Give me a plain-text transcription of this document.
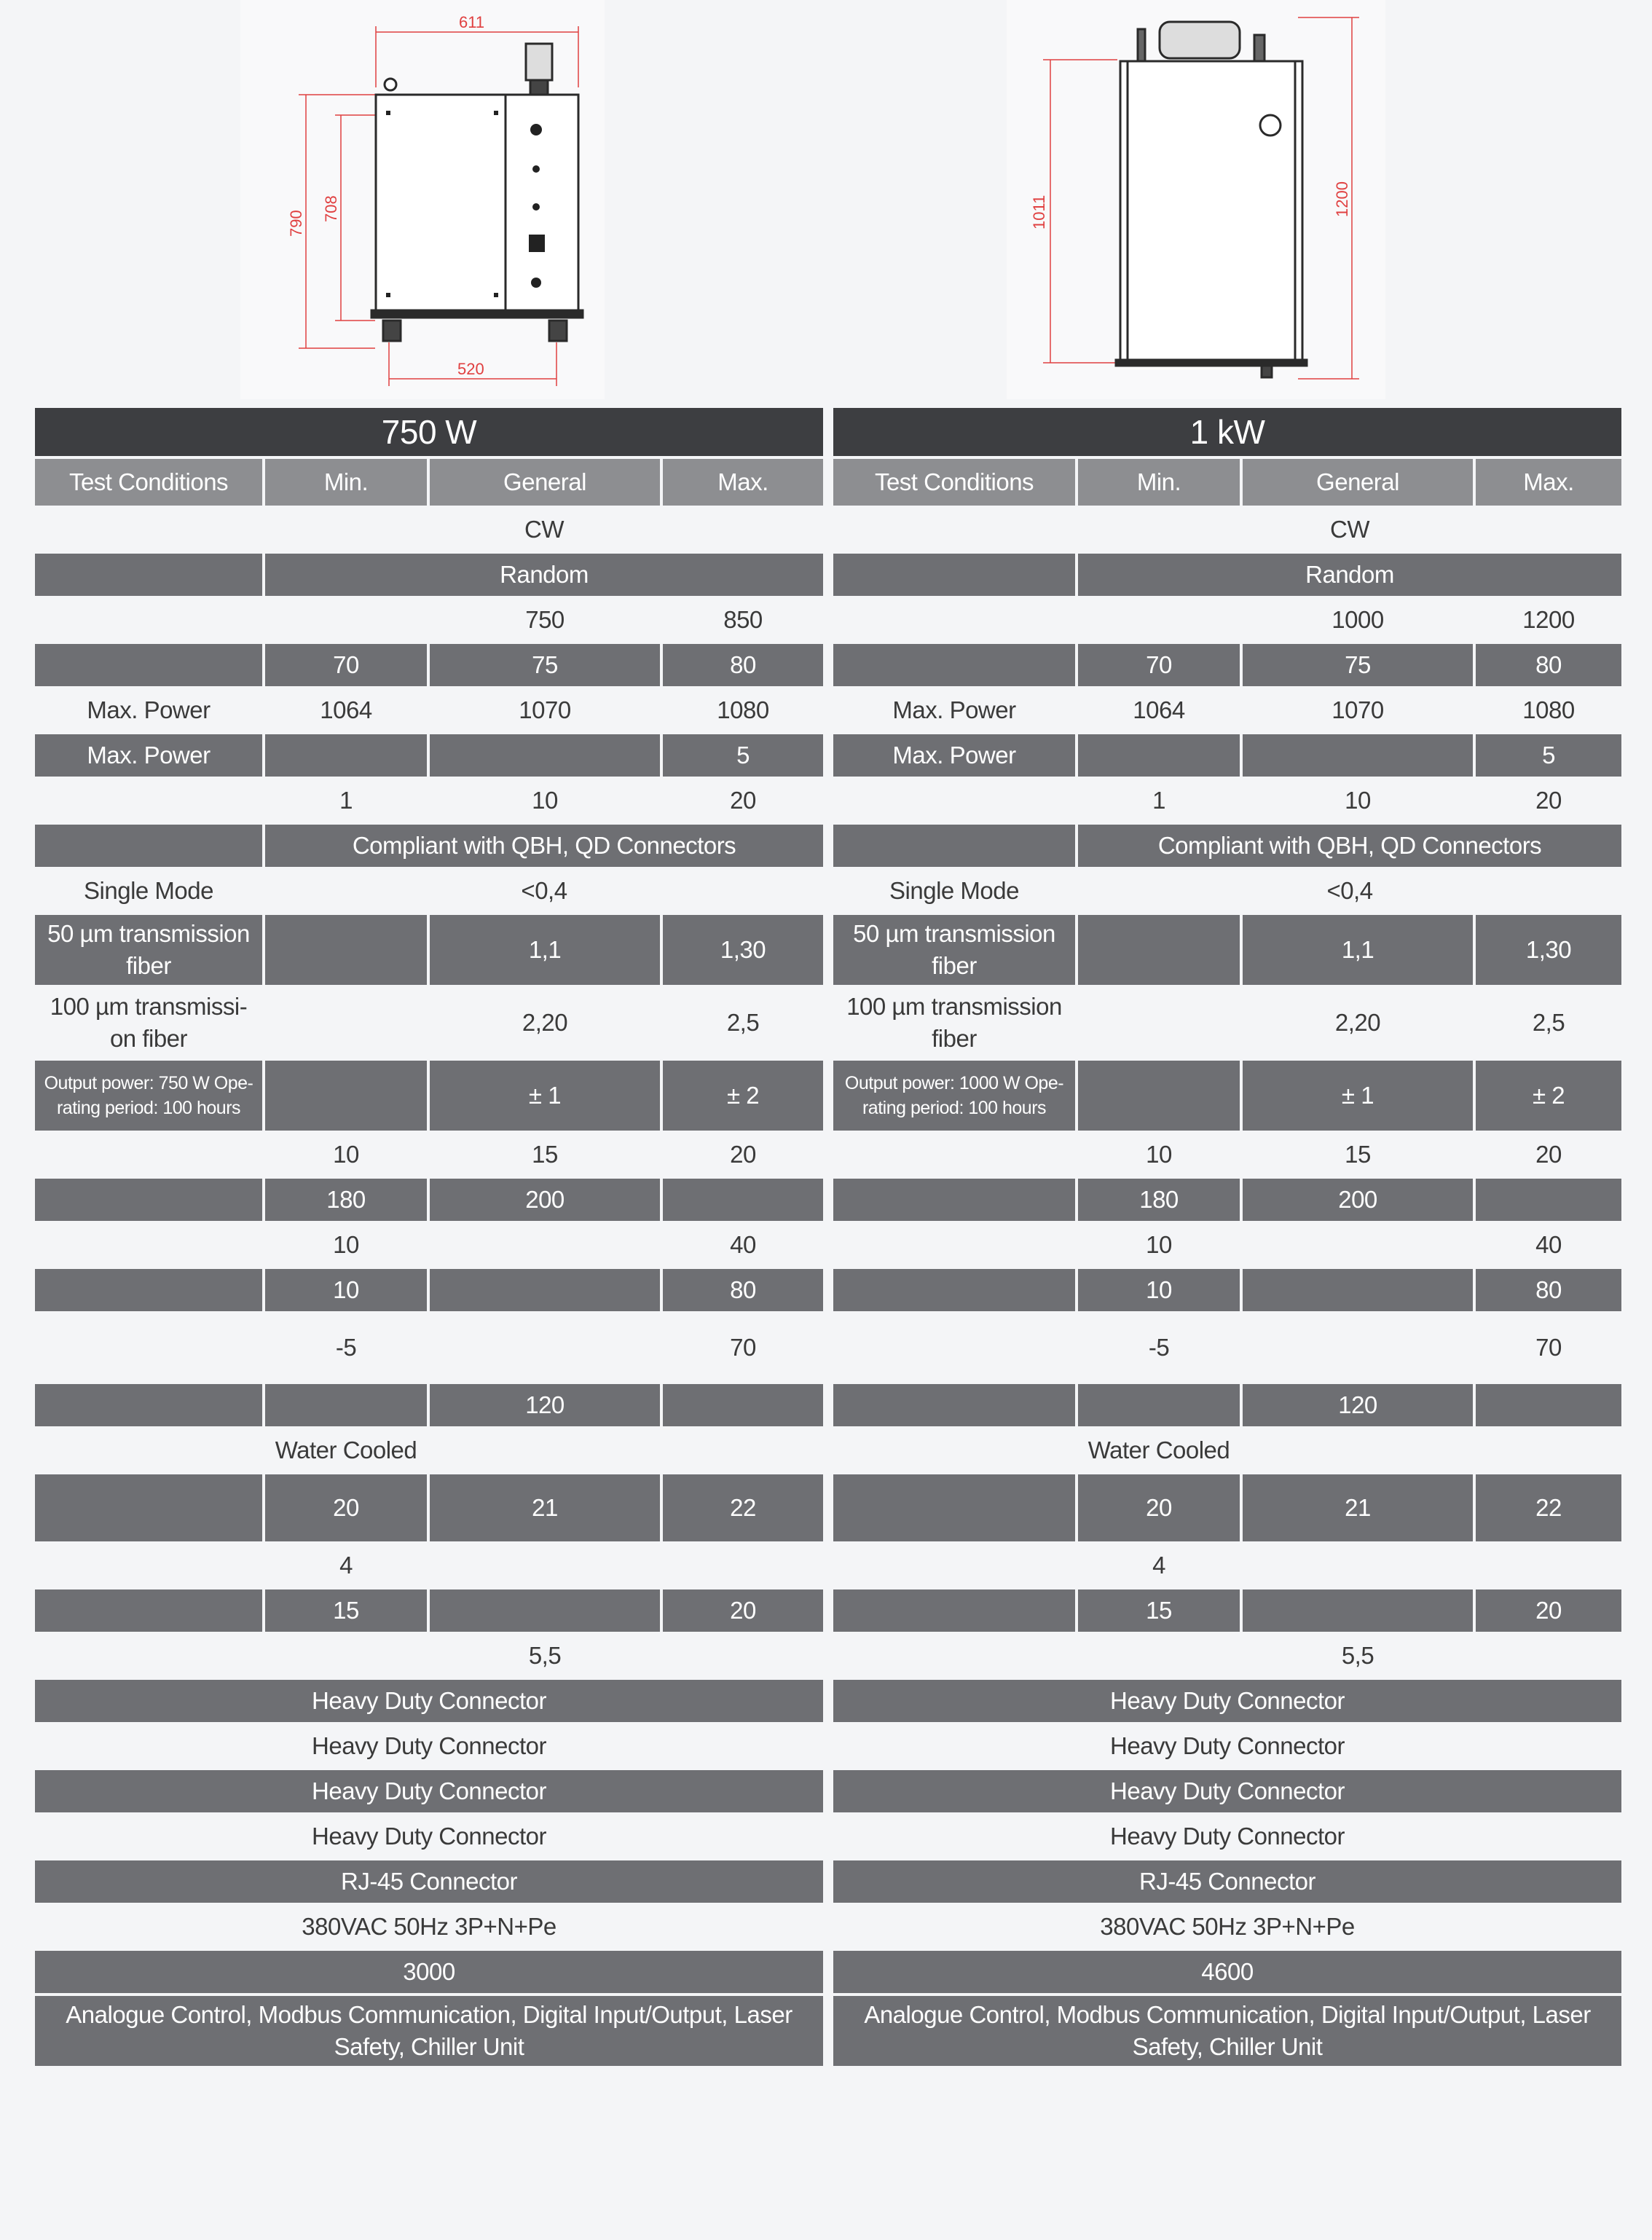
611
790
708
520
1011	1200
750 W			
Test Conditions	Min.	General	Max.
	CW		
	Random		
		750	850
	70	75	80
Max. Power	1064	1070	1080
Max. Power			5
	1	10	20
	Compliant with QBH, QD Connectors		
Single Mode	<0,4		
50 µm transmission fiber		1,1	1,30
100 µm transmissi-on fiber		2,20	2,5
Output power: 750 W Ope-rating period: 100 hours		± 1	± 2
	10	15	20
	180	200	
	10		40
	10		80
	-5		70
		120	
	Water Cooled		
	20	21	22
	4		
	15		20
		5,5	
Heavy Duty Connector			
Heavy Duty Connector			
Heavy Duty Connector			
Heavy Duty Connector			
RJ-45 Connector			
380VAC 50Hz 3P+N+Pe			
3000			
Analogue Control, Modbus Communication, Digital Input/Output, Laser Safety, Chiller Unit			
1 kW			
Test Conditions	Min.	General	Max.
	CW		
	Random		
		1000	1200
	70	75	80
Max. Power	1064	1070	1080
Max. Power			5
	1	10	20
	Compliant with QBH, QD Connectors		
Single Mode	<0,4		
50 µm transmission fiber		1,1	1,30
100 µm transmission fiber		2,20	2,5
Output power: 1000 W Ope-rating period: 100 hours		± 1	± 2
	10	15	20
	180	200	
	10		40
	10		80
	-5		70
		120	
	Water Cooled		
	20	21	22
	4		
	15		20
		5,5	
Heavy Duty Connector			
Heavy Duty Connector			
Heavy Duty Connector			
Heavy Duty Connector			
RJ-45 Connector			
380VAC 50Hz 3P+N+Pe			
4600			
Analogue Control, Modbus Communication, Digital Input/Output, Laser Safety, Chiller Unit			
